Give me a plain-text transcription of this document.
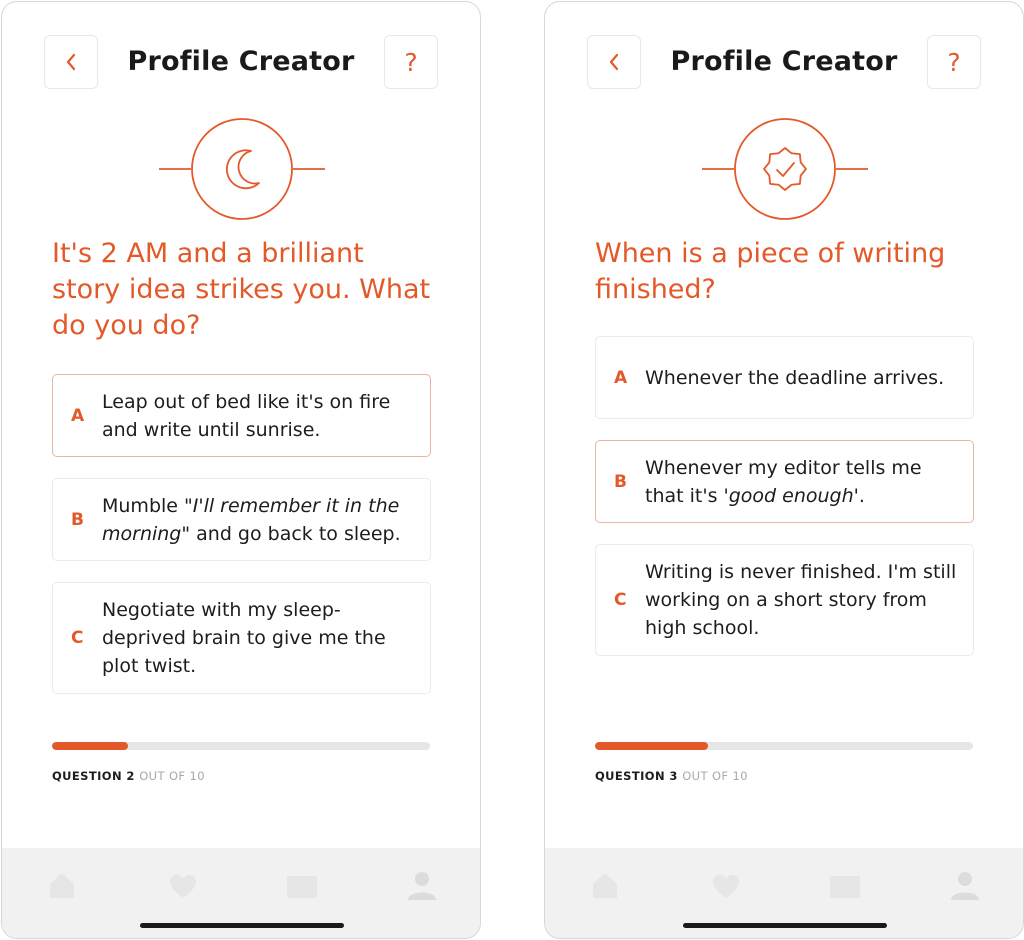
Profile Creator	?
It's 2 AM and a brilliant story idea strikes you. What do you do?
A
Leap out of bed like it's on fire and write until sunrise.
B
Mumble "I'll remember it in the morning" and go back to sleep.
C
Negotiate with my sleep-deprived brain to give me the plot twist.
QUESTION 2 OUT OF 10
Profile Creator	?
When is a piece of writing finished?
A Whenever the deadline arrives.
B
Whenever my editor tells me that it's 'good enough'.
C
Writing is never finished. I'm still working on a short story from high school.
QUESTION 3 OUT OF 10
